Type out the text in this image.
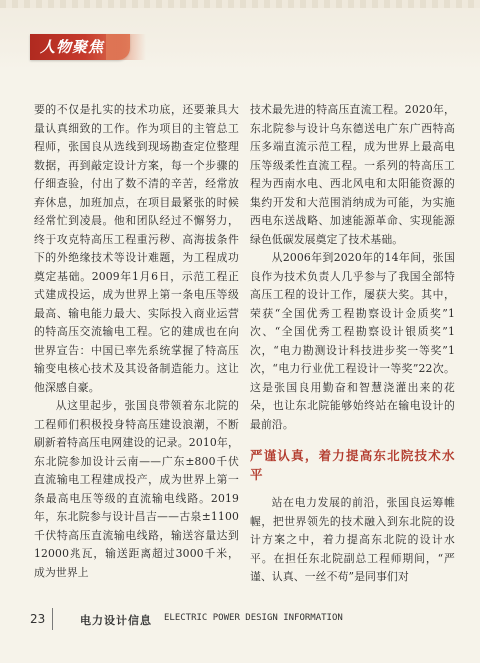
人物聚焦

要的不仅是扎实的技术功底，还要兼具大量认真细致的工作。作为项目的主管总工程师，张国良从选线到现场勘查定位整理数据，再到敲定设计方案，每一个步骤的仔细查验，付出了数不清的辛苦，经常放弃休息，加班加点，在项目最紧张的时候经常忙到凌晨。他和团队经过不懈努力，终于攻克特高压工程重污秽、高海拔条件下的外绝缘技术等设计难题，为工程成功奠定基础。2009年1月6日，示范工程正式建成投运，成为世界上第一条电压等级最高、输电能力最大、实际投入商业运营的特高压交流输电工程。它的建成也在向世界宣告：中国已率先系统掌握了特高压输变电核心技术及其设备制造能力。这让他深感自豪。

从这里起步，张国良带领着东北院的工程师们积极投身特高压建设浪潮，不断刷新着特高压电网建设的记录。2010年，东北院参加设计云南——广东±800千伏直流输电工程建成投产，成为世界上第一条最高电压等级的直流输电线路。2019年，东北院参与设计昌吉——古泉±1100千伏特高压直流输电线路，输送容量达到12000兆瓦，输送距离超过3000千米，成为世界上

技术最先进的特高压直流工程。2020年，东北院参与设计乌东德送电广东广西特高压多端直流示范工程，成为世界上最高电压等级柔性直流工程。一系列的特高压工程为西南水电、西北风电和太阳能资源的集约开发和大范围消纳成为可能，为实施西电东送战略、加速能源革命、实现能源绿色低碳发展奠定了技术基础。

从2006年到2020年的14年间，张国良作为技术负责人几乎参与了我国全部特高压工程的设计工作，屡获大奖。其中，荣获“全国优秀工程勘察设计金质奖”1次、“全国优秀工程勘察设计银质奖”1次，“电力勘测设计科技进步奖一等奖”1次，“电力行业优工程设计一等奖”22次。这是张国良用勤奋和智慧浇灌出来的花朵，也让东北院能够始终站在输电设计的最前沿。

严谨认真，着力提高东北院技术水平

站在电力发展的前沿，张国良运筹帷幄，把世界领先的技术融入到东北院的设计方案之中，着力提高东北院的设计水平。在担任东北院副总工程师期间，“严谨、认真、一丝不苟”是同事们对

23	电力设计信息 ELECTRIC POWER DESIGN INFORMATION
